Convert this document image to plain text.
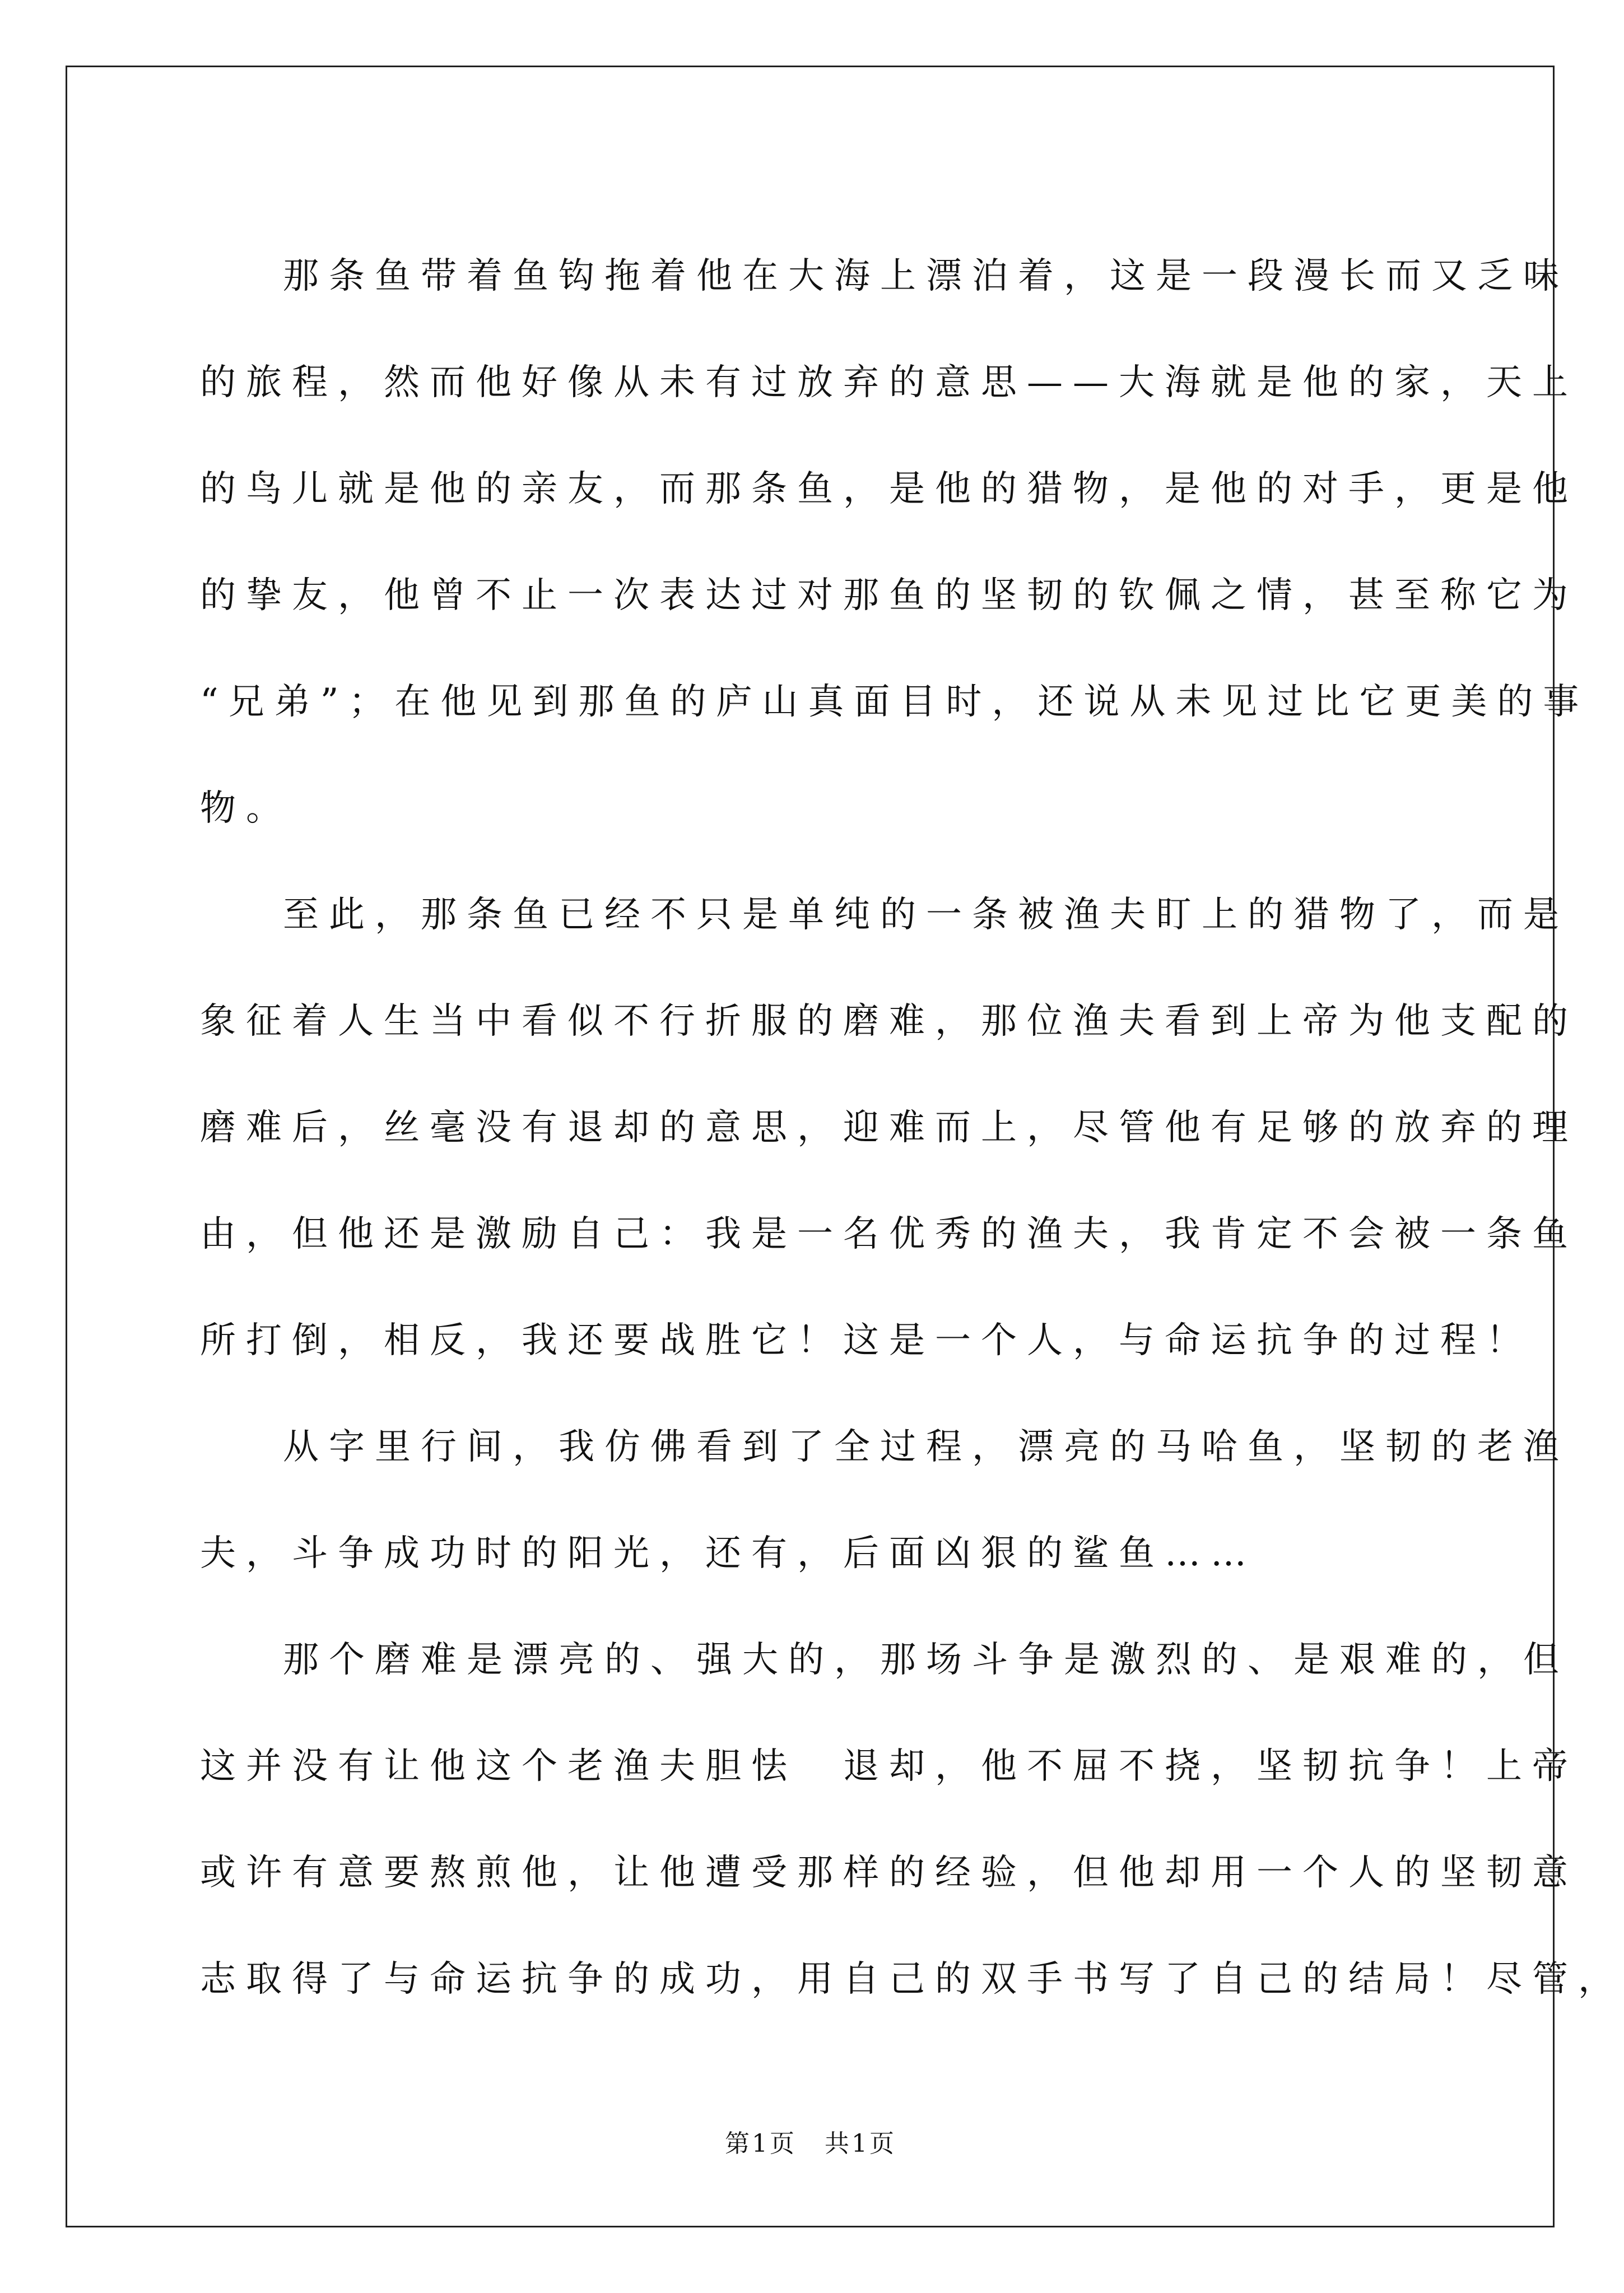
那条鱼带着鱼钩拖着他在大海上漂泊着，这是一段漫长而又乏味
的旅程，然而他好像从未有过放弃的意思——大海就是他的家，天上
的鸟儿就是他的亲友，而那条鱼，是他的猎物，是他的对手，更是他
的挚友，他曾不止一次表达过对那鱼的坚韧的钦佩之情，甚至称它为
“兄弟”；在他见到那鱼的庐山真面目时，还说从未见过比它更美的事
物。
至此，那条鱼已经不只是单纯的一条被渔夫盯上的猎物了，而是
象征着人生当中看似不行折服的磨难，那位渔夫看到上帝为他支配的
磨难后，丝毫没有退却的意思，迎难而上，尽管他有足够的放弃的理
由，但他还是激励自己：我是一名优秀的渔夫，我肯定不会被一条鱼
所打倒，相反，我还要战胜它！这是一个人，与命运抗争的过程！
从字里行间，我仿佛看到了全过程，漂亮的马哈鱼，坚韧的老渔
夫，斗争成功时的阳光，还有，后面凶狠的鲨鱼……
那个磨难是漂亮的、强大的，那场斗争是激烈的、是艰难的，但
这并没有让他这个老渔夫胆怯　退却，他不屈不挠，坚韧抗争！上帝
或许有意要熬煎他，让他遭受那样的经验，但他却用一个人的坚韧意
志取得了与命运抗争的成功，用自己的双手书写了自己的结局！尽管，
第1页 共1页
